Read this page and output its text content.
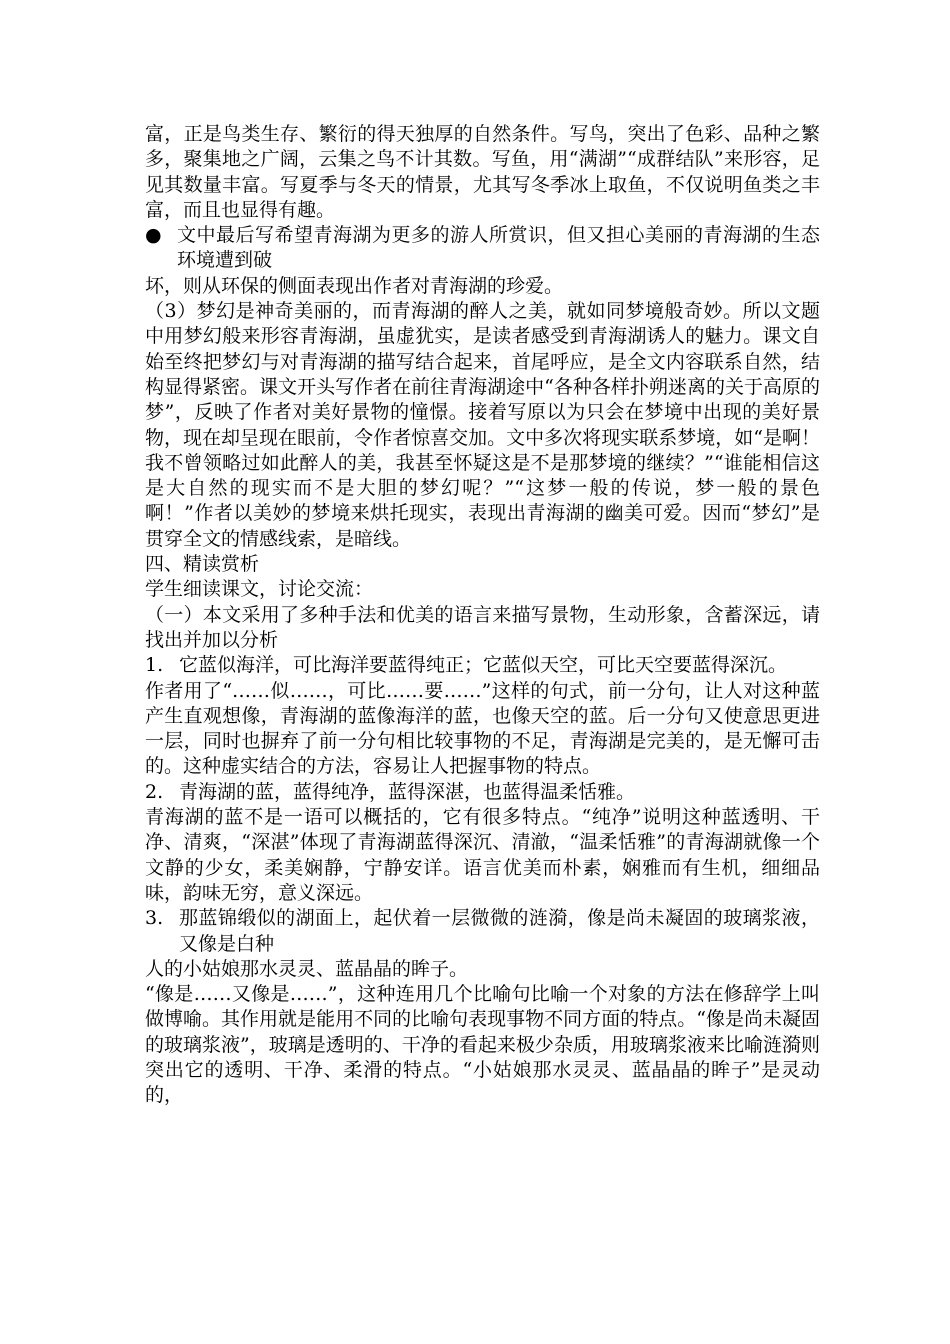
富，正是鸟类生存、繁衍的得天独厚的自然条件。写鸟，突出了色彩、品种之繁多，聚集地之广阔，云集之鸟不计其数。写鱼，用“满湖”“成群结队”来形容，足见其数量丰富。写夏季与冬天的情景，尤其写冬季冰上取鱼，不仅说明鱼类之丰富，而且也显得有趣。

● 文中最后写希望青海湖为更多的游人所赏识，但又担心美丽的青海湖的生态环境遭到破

坏，则从环保的侧面表现出作者对青海湖的珍爱。

（3）梦幻是神奇美丽的，而青海湖的醉人之美，就如同梦境般奇妙。所以文题中用梦幻般来形容青海湖，虽虚犹实，是读者感受到青海湖诱人的魅力。课文自始至终把梦幻与对青海湖的描写结合起来，首尾呼应，是全文内容联系自然，结构显得紧密。课文开头写作者在前往青海湖途中“各种各样扑朔迷离的关于高原的梦”，反映了作者对美好景物的憧憬。接着写原以为只会在梦境中出现的美好景物，现在却呈现在眼前，令作者惊喜交加。文中多次将现实联系梦境，如“是啊！我不曾领略过如此醉人的美，我甚至怀疑这是不是那梦境的继续？”“谁能相信这是大自然的现实而不是大胆的梦幻呢？”“这梦一般的传说，梦一般的景色啊！”作者以美妙的梦境来烘托现实，表现出青海湖的幽美可爱。因而“梦幻”是贯穿全文的情感线索，是暗线。

四、精读赏析

学生细读课文，讨论交流：

（一）本文采用了多种手法和优美的语言来描写景物，生动形象，含蓄深远，请找出并加以分析

1. 它蓝似海洋，可比海洋要蓝得纯正；它蓝似天空，可比天空要蓝得深沉。

作者用了“……似……，可比……要……”这样的句式，前一分句，让人对这种蓝产生直观想像，青海湖的蓝像海洋的蓝，也像天空的蓝。后一分句又使意思更进一层，同时也摒弃了前一分句相比较事物的不足，青海湖是完美的，是无懈可击的。这种虚实结合的方法，容易让人把握事物的特点。

2. 青海湖的蓝，蓝得纯净，蓝得深湛，也蓝得温柔恬雅。

青海湖的蓝不是一语可以概括的，它有很多特点。“纯净”说明这种蓝透明、干净、清爽，“深湛”体现了青海湖蓝得深沉、清澈，“温柔恬雅”的青海湖就像一个文静的少女，柔美娴静，宁静安详。语言优美而朴素，娴雅而有生机，细细品味，韵味无穷，意义深远。

3. 那蓝锦缎似的湖面上，起伏着一层微微的涟漪，像是尚未凝固的玻璃浆液，又像是白种

人的小姑娘那水灵灵、蓝晶晶的眸子。

“像是……又像是……”，这种连用几个比喻句比喻一个对象的方法在修辞学上叫做博喻。其作用就是能用不同的比喻句表现事物不同方面的特点。“像是尚未凝固的玻璃浆液”，玻璃是透明的、干净的看起来极少杂质，用玻璃浆液来比喻涟漪则突出它的透明、干净、柔滑的特点。“小姑娘那水灵灵、蓝晶晶的眸子”是灵动的，
